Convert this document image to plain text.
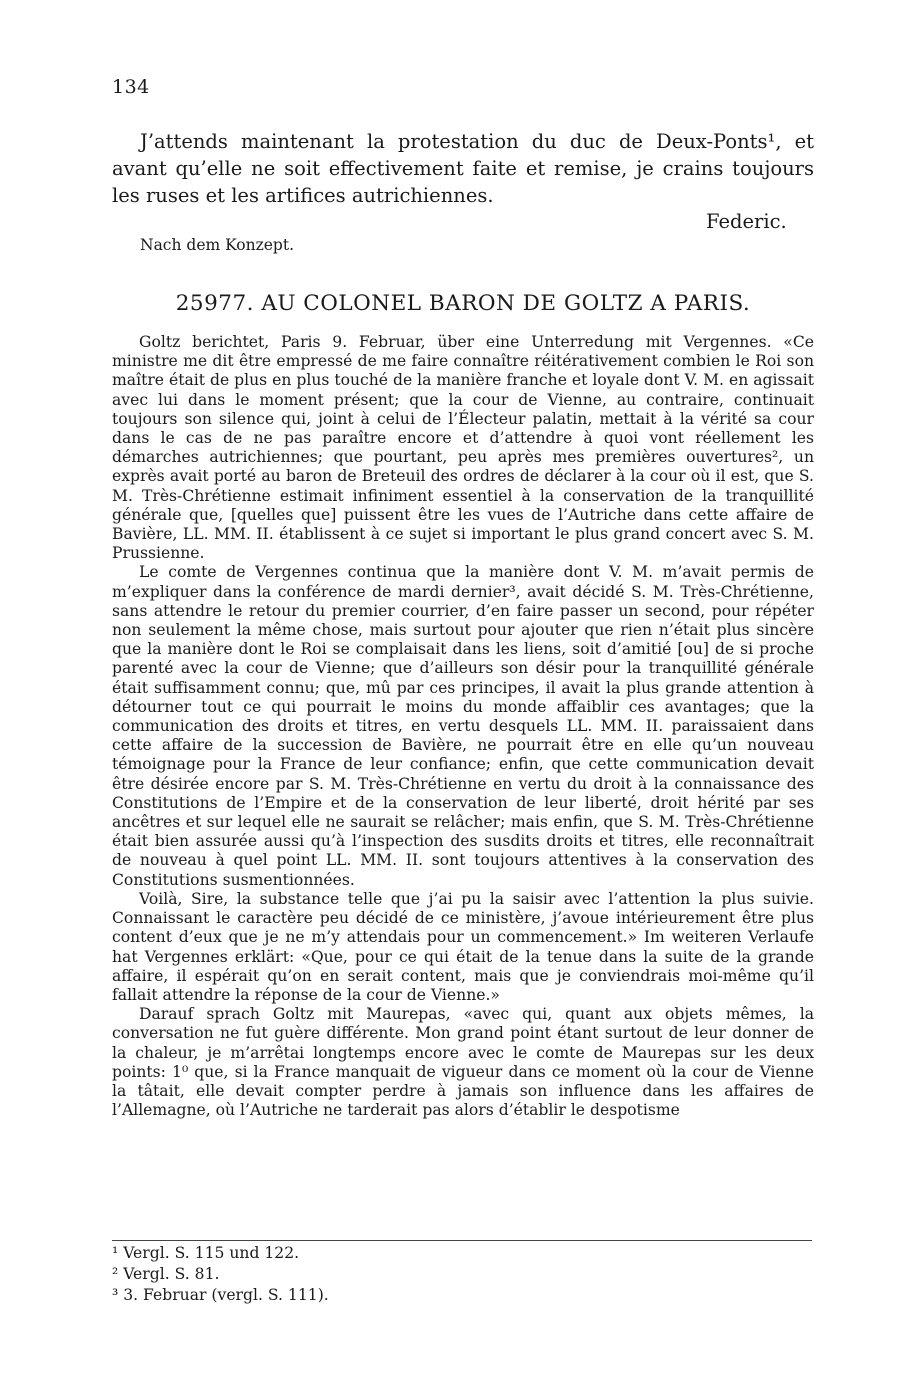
134
J’attends maintenant la protestation du duc de Deux-Ponts¹, et avant qu’elle ne soit effectivement faite et remise, je crains toujours les ruses et les artifices autrichiennes.
Federic.
Nach dem Konzept.
25977. AU COLONEL BARON DE GOLTZ A PARIS.

Goltz berichtet, Paris 9. Februar, über eine Unterredung mit Vergennes. «Ce ministre me dit être empressé de me faire connaître réitérativement combien le Roi son maître était de plus en plus touché de la manière franche et loyale dont V. M. en agissait avec lui dans le moment présent; que la cour de Vienne, au contraire, continuait toujours son silence qui, joint à celui de l’Électeur palatin, mettait à la vérité sa cour dans le cas de ne pas paraître encore et d’attendre à quoi vont réellement les démarches autrichiennes; que pourtant, peu après mes premières ouvertures², un exprès avait porté au baron de Breteuil des ordres de déclarer à la cour où il est, que S. M. Très-Chrétienne estimait infiniment essentiel à la conservation de la tranquillité générale que, [quelles que] puissent être les vues de l’Autriche dans cette affaire de Bavière, LL. MM. II. établissent à ce sujet si important le plus grand concert avec S. M. Prussienne.

Le comte de Vergennes continua que la manière dont V. M. m’avait permis de m’expliquer dans la conférence de mardi dernier³, avait décidé S. M. Très-Chrétienne, sans attendre le retour du premier courrier, d’en faire passer un second, pour répéter non seulement la même chose, mais surtout pour ajouter que rien n’était plus sincère que la manière dont le Roi se complaisait dans les liens, soit d’amitié [ou] de si proche parenté avec la cour de Vienne; que d’ailleurs son désir pour la tranquillité générale était suffisamment connu; que, mû par ces principes, il avait la plus grande attention à détourner tout ce qui pourrait le moins du monde affaiblir ces avantages; que la communication des droits et titres, en vertu desquels LL. MM. II. paraissaient dans cette affaire de la succession de Bavière, ne pourrait être en elle qu’un nouveau témoignage pour la France de leur confiance; enfin, que cette communication devait être désirée encore par S. M. Très-Chrétienne en vertu du droit à la connaissance des Constitutions de l’Empire et de la conservation de leur liberté, droit hérité par ses ancêtres et sur lequel elle ne saurait se relâcher; mais enfin, que S. M. Très-Chrétienne était bien assurée aussi qu’à l’inspection des susdits droits et titres, elle reconnaîtrait de nouveau à quel point LL. MM. II. sont toujours attentives à la conservation des Constitutions susmentionnées.

Voilà, Sire, la substance telle que j’ai pu la saisir avec l’attention la plus suivie. Connaissant le caractère peu décidé de ce ministère, j’avoue intérieurement être plus content d’eux que je ne m’y attendais pour un commencement.» Im weiteren Verlaufe hat Vergennes erklärt: «Que, pour ce qui était de la tenue dans la suite de la grande affaire, il espérait qu’on en serait content, mais que je conviendrais moi-même qu’il fallait attendre la réponse de la cour de Vienne.»

Darauf sprach Goltz mit Maurepas, «avec qui, quant aux objets mêmes, la conversation ne fut guère différente. Mon grand point étant surtout de leur donner de la chaleur, je m’arrêtai longtemps encore avec le comte de Maurepas sur les deux points: 1⁰ que, si la France manquait de vigueur dans ce moment où la cour de Vienne la tâtait, elle devait compter perdre à jamais son influence dans les affaires de l’Allemagne, où l’Autriche ne tarderait pas alors d’établir le despotisme

¹ Vergl. S. 115 und 122.
² Vergl. S. 81.
³ 3. Februar (vergl. S. 111).
